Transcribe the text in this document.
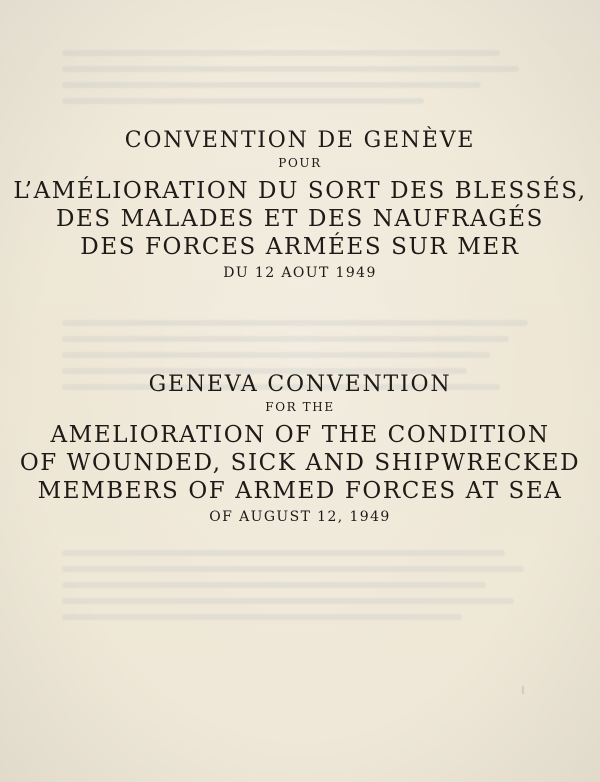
CONVENTION DE GENÈVE
POUR
L’AMÉLIORATION DU SORT DES BLESSÉS,
DES MALADES ET DES NAUFRAGÉS
DES FORCES ARMÉES SUR MER
DU 12 AOUT 1949
GENEVA CONVENTION
FOR THE
AMELIORATION OF THE CONDITION
OF WOUNDED, SICK AND SHIPWRECKED
MEMBERS OF ARMED FORCES AT SEA
OF AUGUST 12, 1949
